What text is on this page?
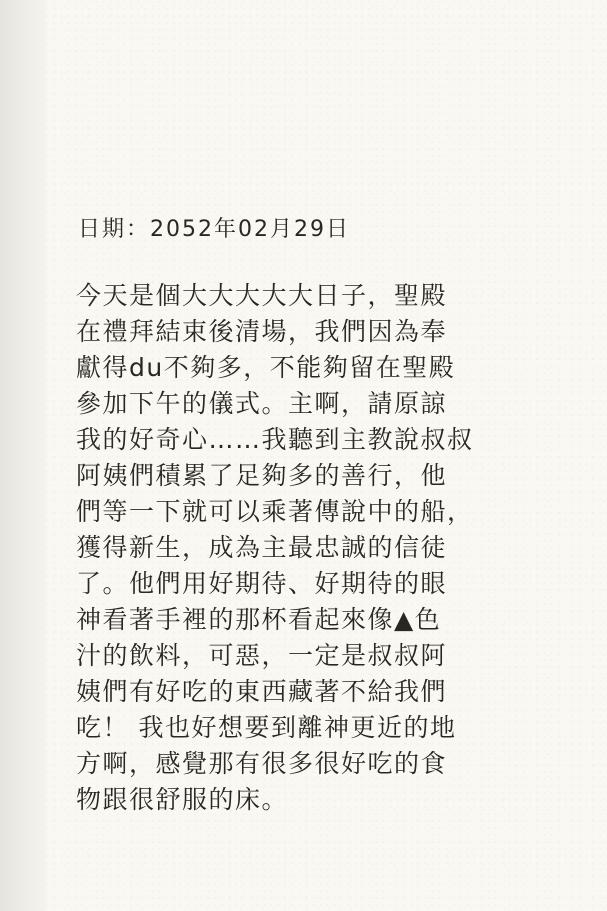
日期：2052年02月29日
今天是個大大大大大日子，聖殿
在禮拜結束後清場，我們因為奉
獻得du不夠多，不能夠留在聖殿
參加下午的儀式。主啊，請原諒
我的好奇心……我聽到主教說叔叔
阿姨們積累了足夠多的善行，他
們等一下就可以乘著傳說中的船，
獲得新生，成為主最忠誠的信徒
了。他們用好期待、好期待的眼
神看著手裡的那杯看起來像▲色
汁的飲料，可惡，一定是叔叔阿
姨們有好吃的東西藏著不給我們
吃！ 我也好想要到離神更近的地
方啊，感覺那有很多很好吃的食
物跟很舒服的床。
